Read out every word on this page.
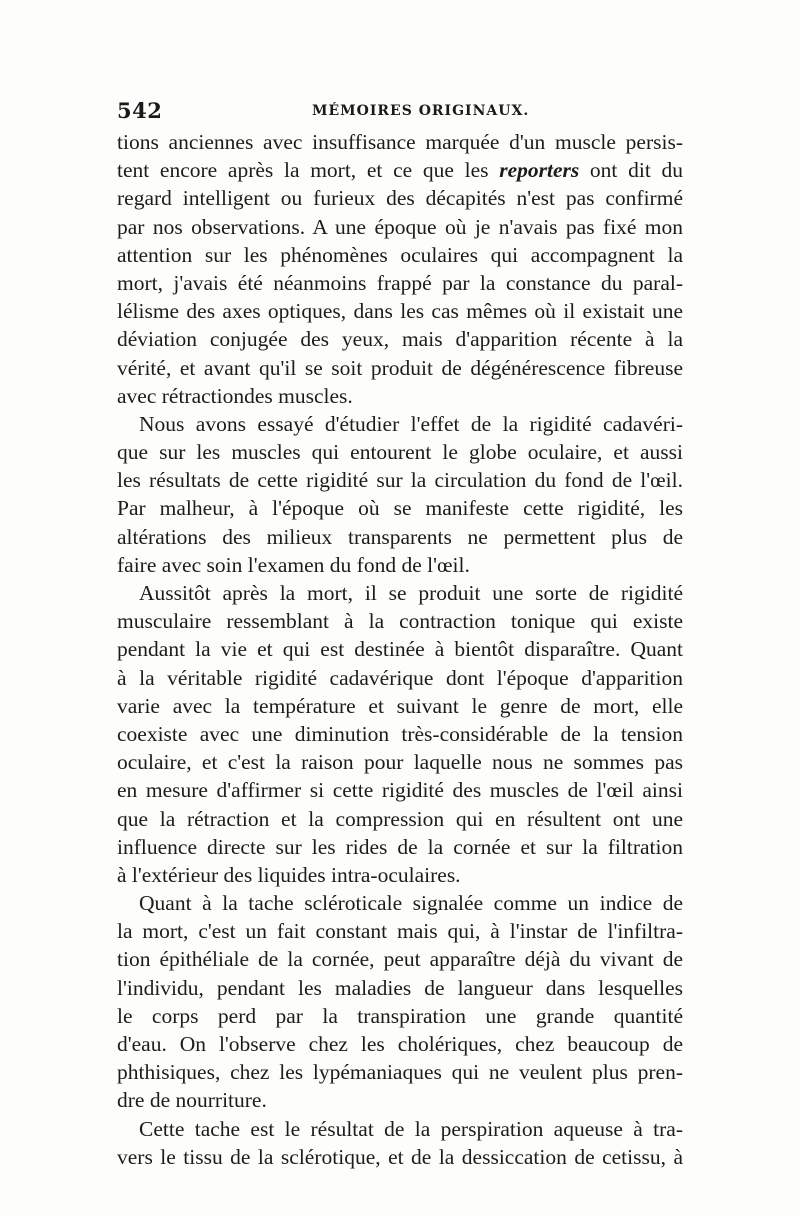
542	MÉMOIRES ORIGINAUX.
tions anciennes avec insuffisance marquée d'un muscle persis-
tent encore après la mort, et ce que les reporters ont dit du
regard intelligent ou furieux des décapités n'est pas confirmé
par nos observations. A une époque où je n'avais pas fixé mon
attention sur les phénomènes oculaires qui accompagnent la
mort, j'avais été néanmoins frappé par la constance du paral-
lélisme des axes optiques, dans les cas mêmes où il existait une
déviation conjugée des yeux, mais d'apparition récente à la
vérité, et avant qu'il se soit produit de dégénérescence fibreuse
avec rétractiondes muscles.
Nous avons essayé d'étudier l'effet de la rigidité cadavéri-
que sur les muscles qui entourent le globe oculaire, et aussi
les résultats de cette rigidité sur la circulation du fond de l'œil.
Par malheur, à l'époque où se manifeste cette rigidité, les
altérations des milieux transparents ne permettent plus de
faire avec soin l'examen du fond de l'œil.
Aussitôt après la mort, il se produit une sorte de rigidité
musculaire ressemblant à la contraction tonique qui existe
pendant la vie et qui est destinée à bientôt disparaître. Quant
à la véritable rigidité cadavérique dont l'époque d'apparition
varie avec la température et suivant le genre de mort, elle
coexiste avec une diminution très-considérable de la tension
oculaire, et c'est la raison pour laquelle nous ne sommes pas
en mesure d'affirmer si cette rigidité des muscles de l'œil ainsi
que la rétraction et la compression qui en résultent ont une
influence directe sur les rides de la cornée et sur la filtration
à l'extérieur des liquides intra-oculaires.
Quant à la tache scléroticale signalée comme un indice de
la mort, c'est un fait constant mais qui, à l'instar de l'infiltra-
tion épithéliale de la cornée, peut apparaître déjà du vivant de
l'individu, pendant les maladies de langueur dans lesquelles
le corps perd par la transpiration une grande quantité
d'eau. On l'observe chez les cholériques, chez beaucoup de
phthisiques, chez les lypémaniaques qui ne veulent plus pren-
dre de nourriture.
Cette tache est le résultat de la perspiration aqueuse à tra-
vers le tissu de la sclérotique, et de la dessiccation de cetissu, à
